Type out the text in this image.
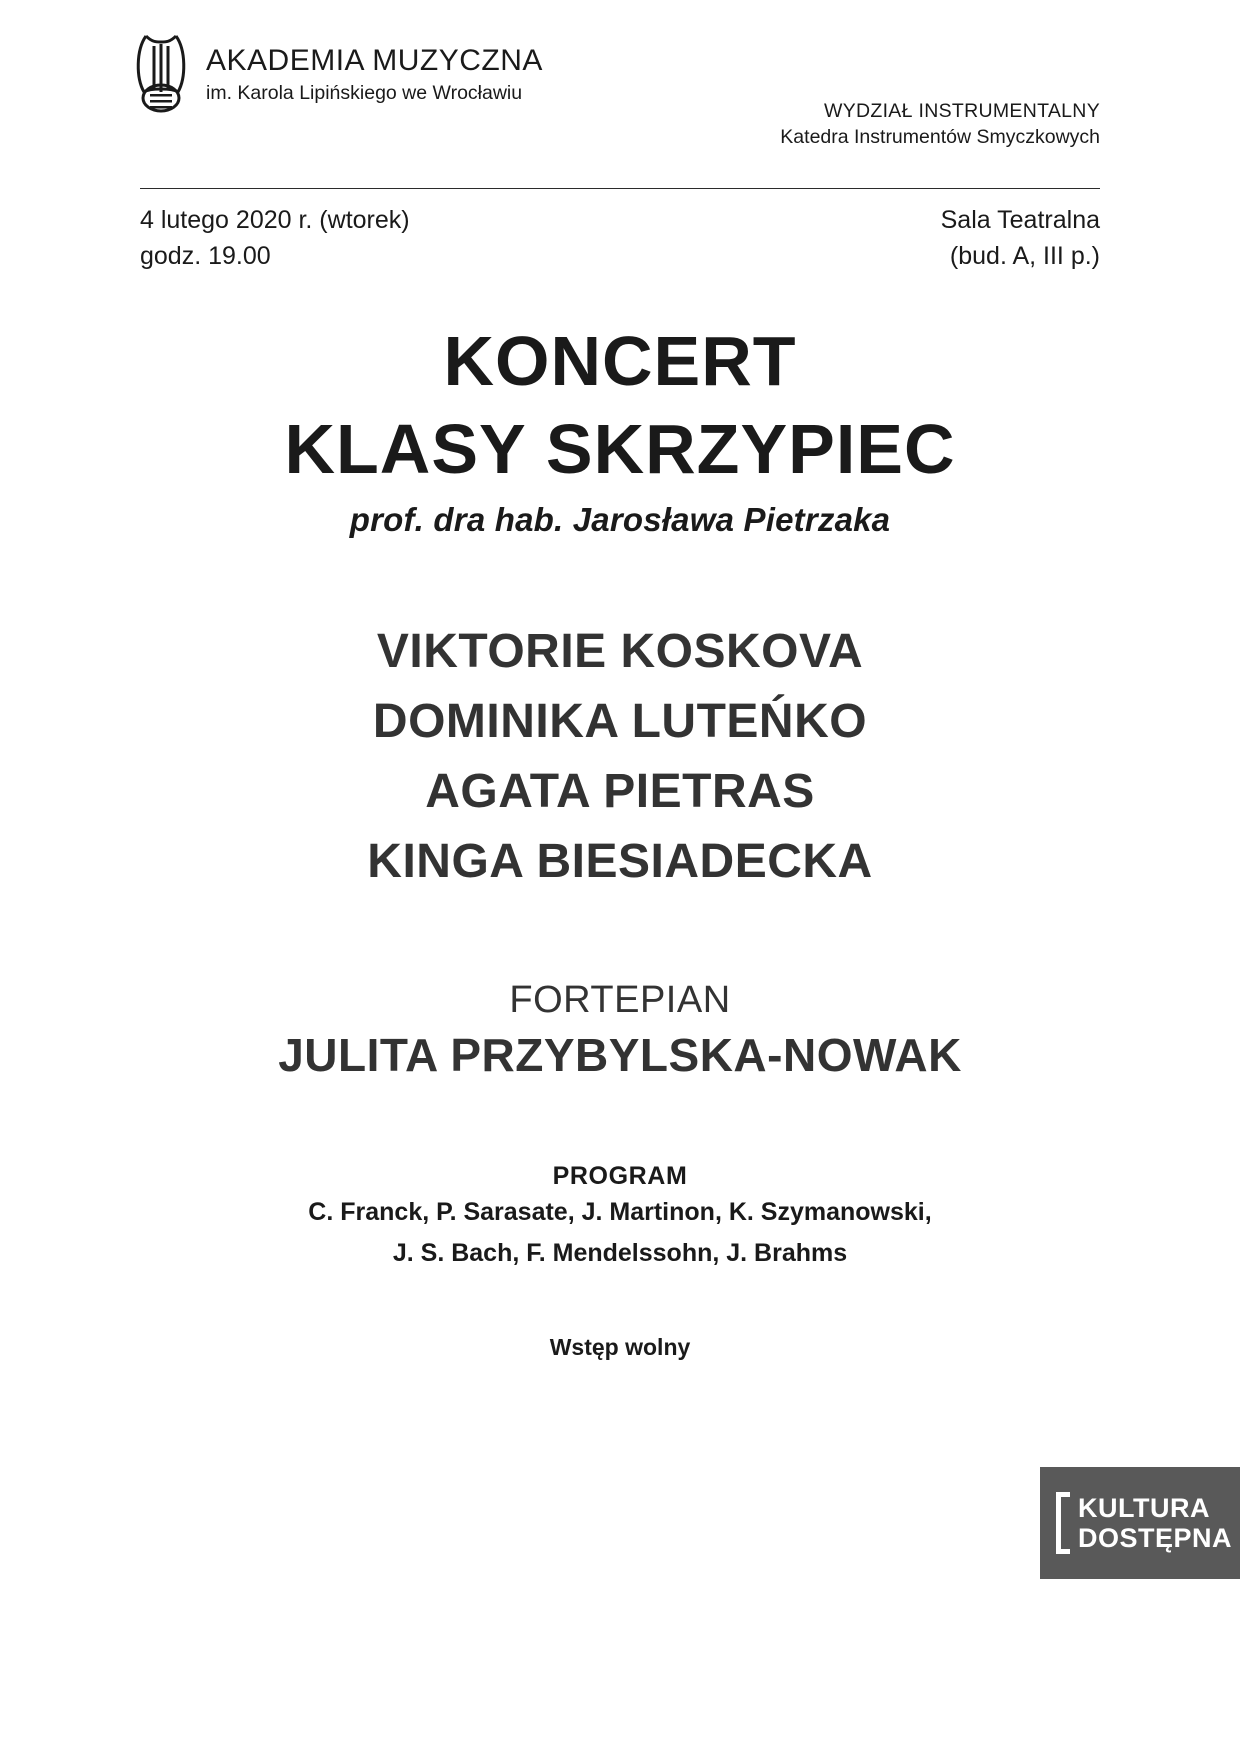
AKADEMIA MUZYCZNA
im. Karola Lipińskiego we Wrocławiu
WYDZIAŁ INSTRUMENTALNY
Katedra Instrumentów Smyczkowych
4 lutego 2020 r. (wtorek)
godz. 19.00
Sala Teatralna
(bud. A, III p.)
KONCERT
KLASY SKRZYPIEC
prof. dra hab. Jarosława Pietrzaka
VIKTORIE KOSKOVA
DOMINIKA LUTEŃKO
AGATA PIETRAS
KINGA BIESIADECKA
FORTEPIAN
JULITA PRZYBYLSKA-NOWAK
PROGRAM
C. Franck, P. Sarasate, J. Martinon, K. Szymanowski,
J. S. Bach, F. Mendelssohn, J. Brahms
Wstęp wolny
KULTURA
DOSTĘPNA
